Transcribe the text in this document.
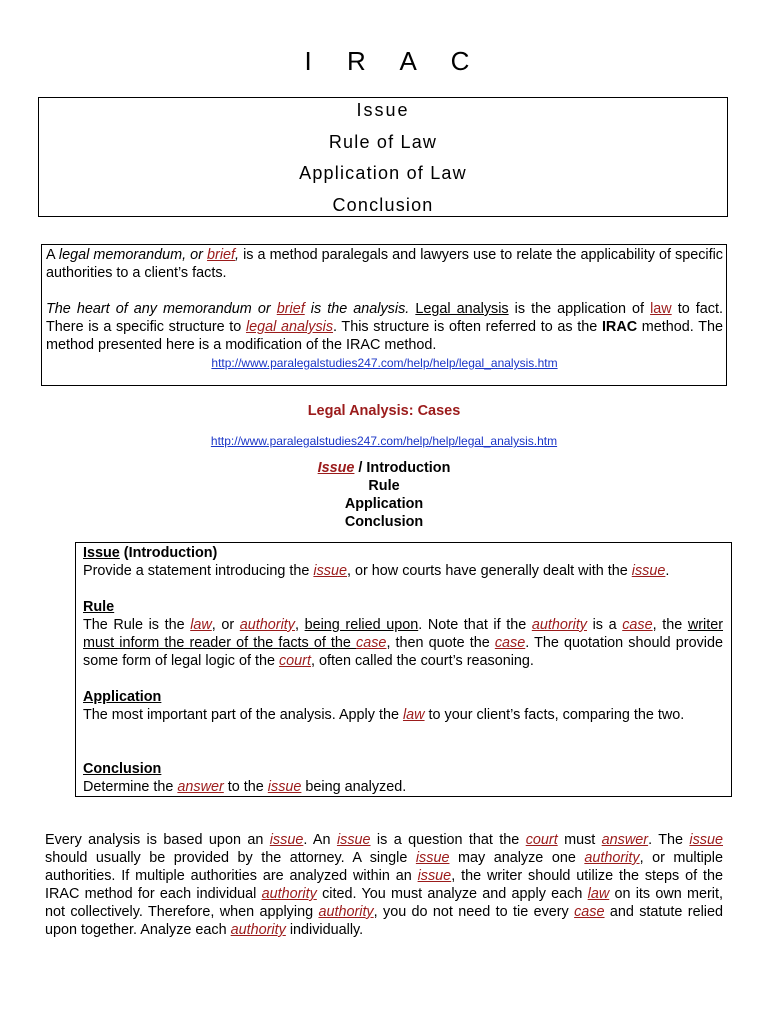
I R A C
Issue
Rule of Law
Application of Law
Conclusion

A legal memorandum, or brief, is a method paralegals and lawyers use to relate the applicability of specific authorities to a client’s facts.

The heart of any memorandum or brief is the analysis. Legal analysis is the application of law to fact. There is a specific structure to legal analysis. This structure is often referred to as the IRAC method. The method presented here is a modification of the IRAC method.

http://www.paralegalstudies247.com/help/help/legal_analysis.htm
Legal Analysis: Cases
http://www.paralegalstudies247.com/help/help/legal_analysis.htm
Issue / Introduction
Rule
Application
Conclusion
Issue (Introduction)
Provide a statement introducing the issue, or how courts have generally dealt with the issue.
Rule
The Rule is the law, or authority, being relied upon. Note that if the authority is a case, the writer must inform the reader of the facts of the case, then quote the case. The quotation should provide some form of legal logic of the court, often called the court’s reasoning.
Application
The most important part of the analysis. Apply the law to your client’s facts, comparing the two.
Conclusion
Determine the answer to the issue being analyzed.
Every analysis is based upon an issue. An issue is a question that the court must answer. The issue should usually be provided by the attorney. A single issue may analyze one authority, or multiple authorities. If multiple authorities are analyzed within an issue, the writer should utilize the steps of the IRAC method for each individual authority cited. You must analyze and apply each law on its own merit, not collectively. Therefore, when applying authority, you do not need to tie every case and statute relied upon together. Analyze each authority individually.
